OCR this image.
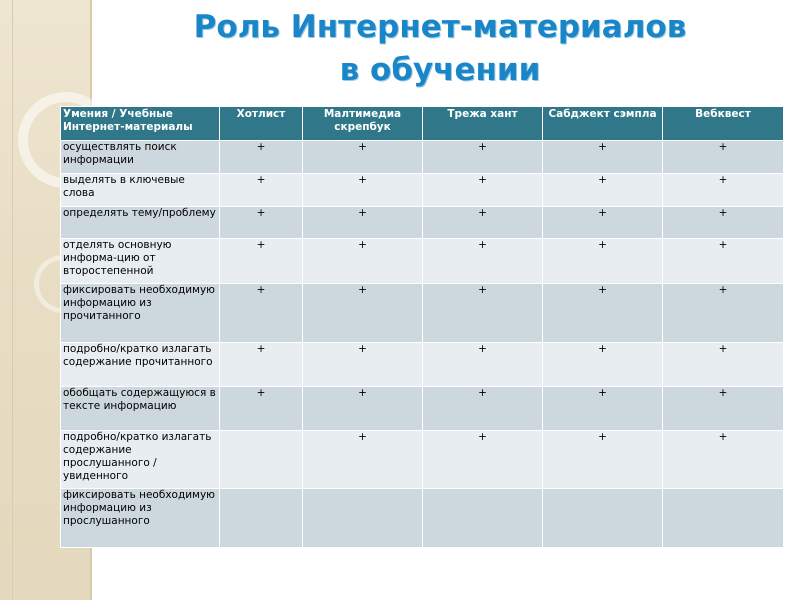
Роль Интернет-материалов
в обучении
Умения / Учебные Интернет-материалы	Хотлист	Малтимедиа скрепбук	Трежа хант	Сабджект сэмпла	Вебквест
осуществлять поиск информации	+	+	+	+	+
выделять в ключевые слова	+	+	+	+	+
определять тему/проблему	+	+	+	+	+
отделять основную информа-цию от второстепенной	+	+	+	+	+
фиксировать необходимую информацию из прочитанного	+	+	+	+	+
подробно/кратко излагать содержание прочитанного	+	+	+	+	+
обобщать содержащуюся в тексте информацию	+	+	+	+	+
подробно/кратко излагать содержание прослушанного /увиденного		+	+	+	+
фиксировать необходимую информацию из прослушанного					
